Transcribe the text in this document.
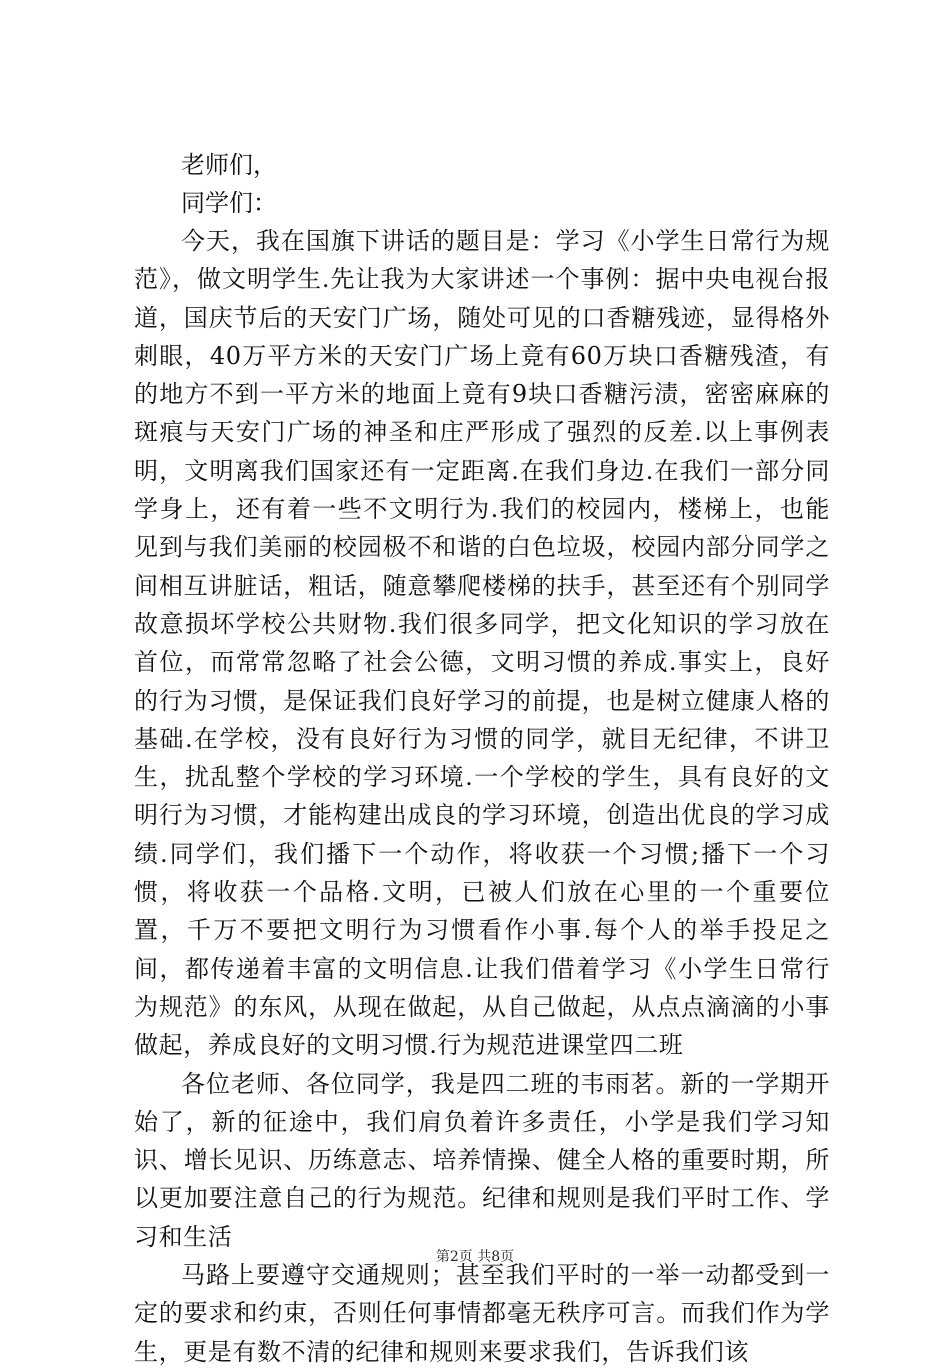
老师们，

同学们：

今天，我在国旗下讲话的题目是：学习《小学生日常行为规范》，做文明学生.先让我为大家讲述一个事例：据中央电视台报道，国庆节后的天安门广场，随处可见的口香糖残迹，显得格外刺眼，40万平方米的天安门广场上竟有60万块口香糖残渣，有的地方不到一平方米的地面上竟有9块口香糖污渍，密密麻麻的斑痕与天安门广场的神圣和庄严形成了强烈的反差.以上事例表明，文明离我们国家还有一定距离.在我们身边.在我们一部分同学身上，还有着一些不文明行为.我们的校园内，楼梯上，也能见到与我们美丽的校园极不和谐的白色垃圾，校园内部分同学之间相互讲脏话，粗话，随意攀爬楼梯的扶手，甚至还有个别同学故意损坏学校公共财物.我们很多同学，把文化知识的学习放在首位，而常常忽略了社会公德，文明习惯的养成.事实上，良好的行为习惯，是保证我们良好学习的前提，也是树立健康人格的基础.在学校，没有良好行为习惯的同学，就目无纪律，不讲卫生，扰乱整个学校的学习环境.一个学校的学生，具有良好的文明行为习惯，才能构建出成良的学习环境，创造出优良的学习成绩.同学们，我们播下一个动作，将收获一个习惯;播下一个习惯，将收获一个品格.文明，已被人们放在心里的一个重要位置，千万不要把文明行为习惯看作小事.每个人的举手投足之间，都传递着丰富的文明信息.让我们借着学习《小学生日常行为规范》的东风，从现在做起，从自己做起，从点点滴滴的小事做起，养成良好的文明习惯.行为规范进课堂四二班

各位老师、各位同学，我是四二班的韦雨茗。新的一学期开始了，新的征途中，我们肩负着许多责任，小学是我们学习知识、增长见识、历练意志、培养情操、健全人格的重要时期，所以更加要注意自己的行为规范。纪律和规则是我们平时工作、学习和生活

马路上要遵守交通规则；甚至我们平时的一举一动都受到一定的要求和约束，否则任何事情都毫无秩序可言。而我们作为学生，更是有数不清的纪律和规则来要求我们，告诉我们该

第2页 共8页
